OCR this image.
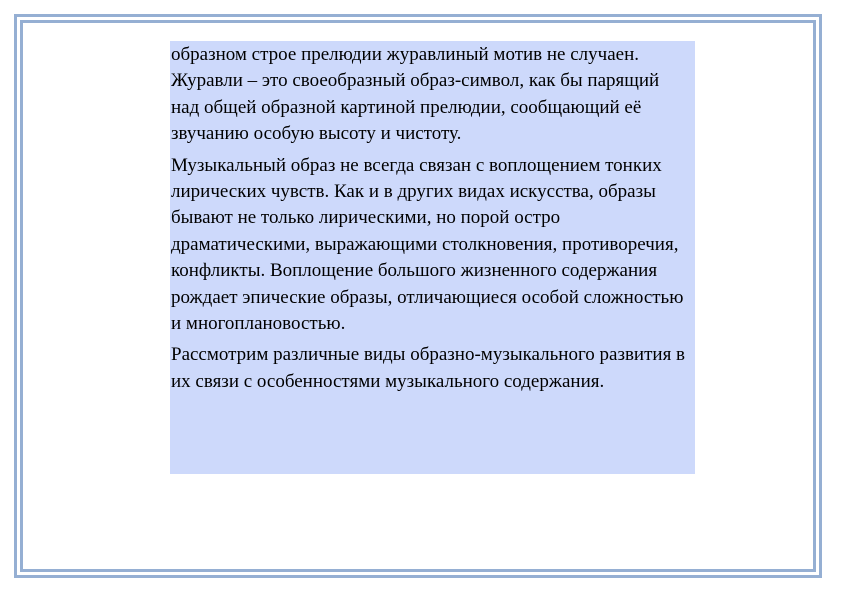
образном строе прелюдии журавлиный мотив не случаен. Журавли – это своеобразный образ-символ, как бы парящий над общей образной картиной прелюдии, сообщающий её звучанию особую высоту и чистоту.

Музыкальный образ не всегда связан с воплощением тонких лирических чувств. Как и в других видах искусства, образы бывают не только лирическими, но порой остро драматическими, выражающими столкновения, противоречия, конфликты. Воплощение большого жизненного содержания рождает эпические образы, отличающиеся особой сложностью и многоплановостью.

Рассмотрим различные виды образно-музыкального развития в их связи с особенностями музыкального содержания.
